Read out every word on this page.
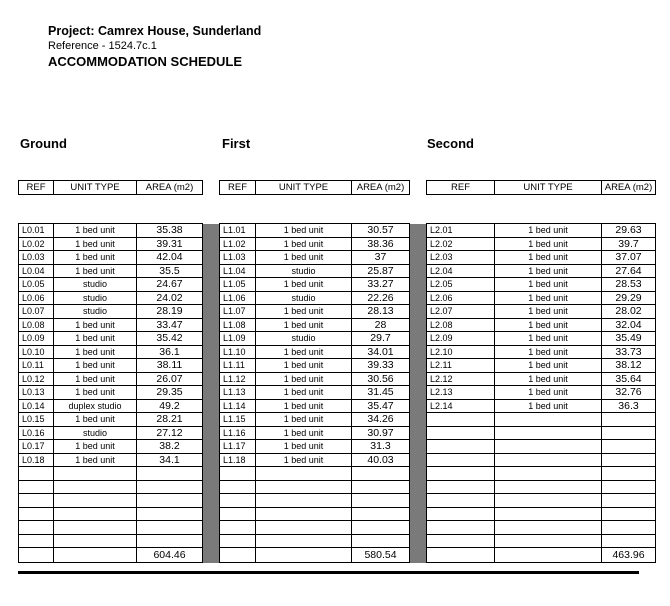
Project: Camrex House, Sunderland
Reference - 1524.7c.1
ACCOMMODATION SCHEDULE
Ground	First	Second
REF	UNIT TYPE	AREA (m2)		REF	UNIT TYPE	AREA (m2)		REF	UNIT TYPE	AREA (m2)
L0.01	1 bed unit	35.38		L1.01	1 bed unit	30.57		L2.01	1 bed unit	29.63
L0.02	1 bed unit	39.31		L1.02	1 bed unit	38.36		L2.02	1 bed unit	39.7
L0.03	1 bed unit	42.04		L1.03	1 bed unit	37		L2.03	1 bed unit	37.07
L0.04	1 bed unit	35.5		L1.04	studio	25.87		L2.04	1 bed unit	27.64
L0.05	studio	24.67		L1.05	1 bed unit	33.27		L2.05	1 bed unit	28.53
L0.06	studio	24.02		L1.06	studio	22.26		L2.06	1 bed unit	29.29
L0.07	studio	28.19		L1.07	1 bed unit	28.13		L2.07	1 bed unit	28.02
L0.08	1 bed unit	33.47		L1.08	1 bed unit	28		L2.08	1 bed unit	32.04
L0.09	1 bed unit	35.42		L1.09	studio	29.7		L2.09	1 bed unit	35.49
L0.10	1 bed unit	36.1		L1.10	1 bed unit	34.01		L2.10	1 bed unit	33.73
L0.11	1 bed unit	38.11		L1.11	1 bed unit	39.33		L2.11	1 bed unit	38.12
L0.12	1 bed unit	26.07		L1.12	1 bed unit	30.56		L2.12	1 bed unit	35.64
L0.13	1 bed unit	29.35		L1.13	1 bed unit	31.45		L2.13	1 bed unit	32.76
L0.14	duplex studio	49.2		L1.14	1 bed unit	35.47		L2.14	1 bed unit	36.3
L0.15	1 bed unit	28.21		L1.15	1 bed unit	34.26				
L0.16	studio	27.12		L1.16	1 bed unit	30.97				
L0.17	1 bed unit	38.2		L1.17	1 bed unit	31.3				
L0.18	1 bed unit	34.1		L1.18	1 bed unit	40.03				

		604.46				580.54				463.96
